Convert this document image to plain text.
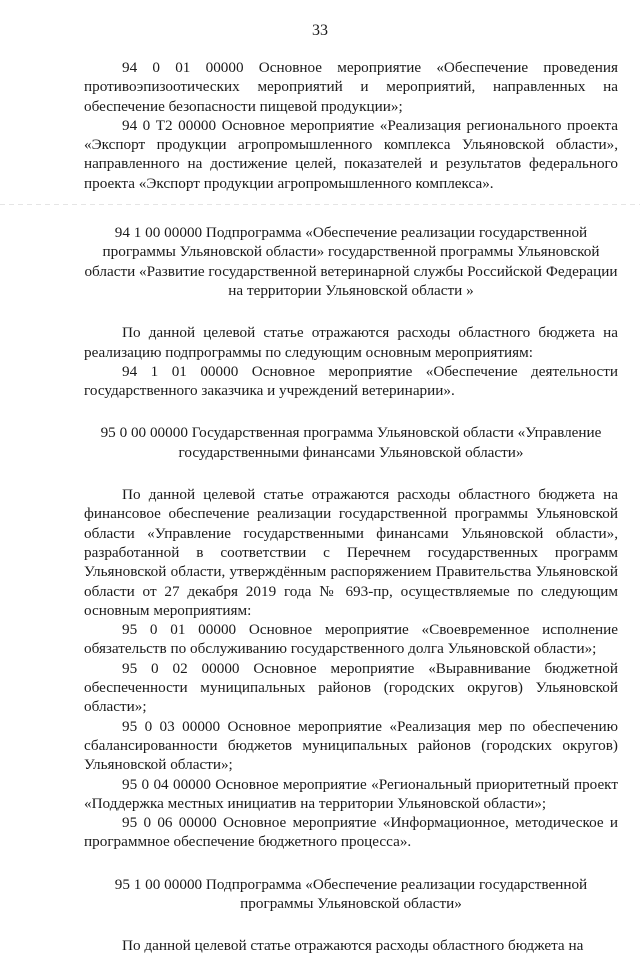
33

94 0 01 00000 Основное мероприятие «Обеспечение проведения противоэпизоотических мероприятий и мероприятий, направленных на обеспечение безопасности пищевой продукции»;

94 0 Т2 00000 Основное мероприятие «Реализация регионального проекта «Экспорт продукции агропромышленного комплекса Ульяновской области», направленного на достижение целей, показателей и результатов федерального проекта «Экспорт продукции агропромышленного комплекса».

94 1 00 00000 Подпрограмма «Обеспечение реализации государственной программы Ульяновской области» государственной программы Ульяновской области «Развитие государственной ветеринарной службы Российской Федерации на территории Ульяновской области »

По данной целевой статье отражаются расходы областного бюджета на реализацию подпрограммы по следующим основным мероприятиям:

94 1 01 00000 Основное мероприятие «Обеспечение деятельности государственного заказчика и учреждений ветеринарии».

95 0 00 00000 Государственная программа Ульяновской области «Управление государственными финансами Ульяновской области»

По данной целевой статье отражаются расходы областного бюджета на финансовое обеспечение реализации государственной программы Ульяновской области «Управление государственными финансами Ульяновской области», разработанной в соответствии с Перечнем государственных программ Ульяновской области, утверждённым распоряжением Правительства Ульяновской области от 27 декабря 2019 года № 693-пр, осуществляемые по следующим основным мероприятиям:

95 0 01 00000 Основное мероприятие «Своевременное исполнение обязательств по обслуживанию государственного долга Ульяновской области»;

95 0 02 00000 Основное мероприятие «Выравнивание бюджетной обеспеченности муниципальных районов (городских округов) Ульяновской области»;

95 0 03 00000 Основное мероприятие «Реализация мер по обеспечению сбалансированности бюджетов муниципальных районов (городских округов) Ульяновской области»;

95 0 04 00000 Основное мероприятие «Региональный приоритетный проект «Поддержка местных инициатив на территории Ульяновской области»;

95 0 06 00000 Основное мероприятие «Информационное, методическое и программное обеспечение бюджетного процесса».

95 1 00 00000 Подпрограмма «Обеспечение реализации государственной программы Ульяновской области»

По данной целевой статье отражаются расходы областного бюджета на
